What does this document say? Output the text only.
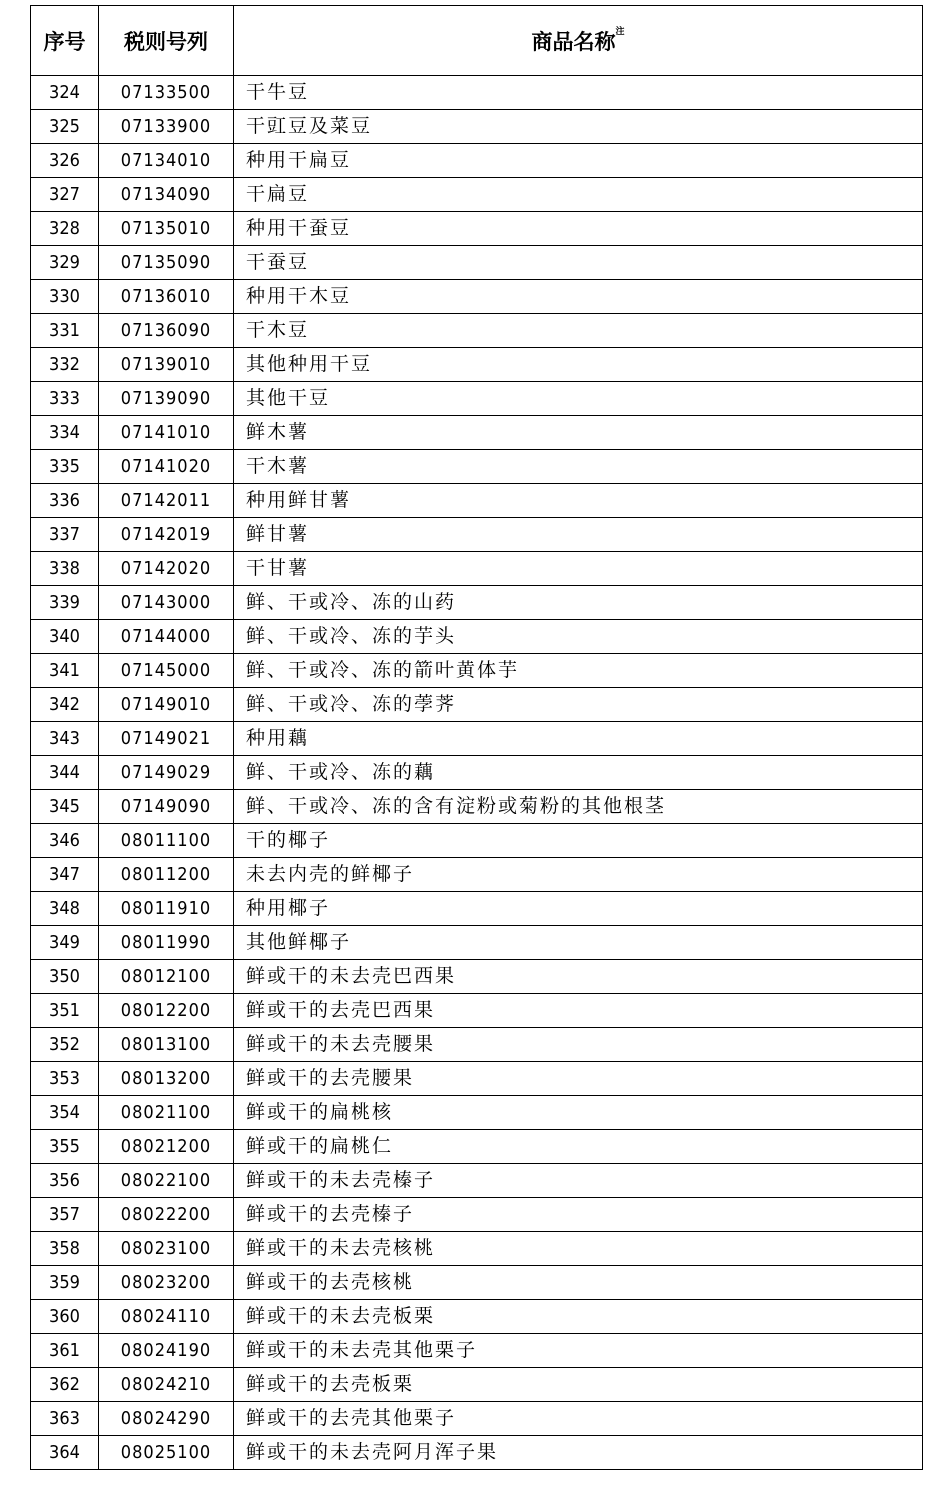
序号	税则号列	商品名称$^注$
324	07133500	干牛豆
325	07133900	干豇豆及菜豆
326	07134010	种用干扁豆
327	07134090	干扁豆
328	07135010	种用干蚕豆
329	07135090	干蚕豆
330	07136010	种用干木豆
331	07136090	干木豆
332	07139010	其他种用干豆
333	07139090	其他干豆
334	07141010	鲜木薯
335	07141020	干木薯
336	07142011	种用鲜甘薯
337	07142019	鲜甘薯
338	07142020	干甘薯
339	07143000	鲜、干或冷、冻的山药
340	07144000	鲜、干或冷、冻的芋头
341	07145000	鲜、干或冷、冻的箭叶黄体芋
342	07149010	鲜、干或冷、冻的荸荠
343	07149021	种用藕
344	07149029	鲜、干或冷、冻的藕
345	07149090	鲜、干或冷、冻的含有淀粉或菊粉的其他根茎
346	08011100	干的椰子
347	08011200	未去内壳的鲜椰子
348	08011910	种用椰子
349	08011990	其他鲜椰子
350	08012100	鲜或干的未去壳巴西果
351	08012200	鲜或干的去壳巴西果
352	08013100	鲜或干的未去壳腰果
353	08013200	鲜或干的去壳腰果
354	08021100	鲜或干的扁桃核
355	08021200	鲜或干的扁桃仁
356	08022100	鲜或干的未去壳榛子
357	08022200	鲜或干的去壳榛子
358	08023100	鲜或干的未去壳核桃
359	08023200	鲜或干的去壳核桃
360	08024110	鲜或干的未去壳板栗
361	08024190	鲜或干的未去壳其他栗子
362	08024210	鲜或干的去壳板栗
363	08024290	鲜或干的去壳其他栗子
364	08025100	鲜或干的未去壳阿月浑子果
